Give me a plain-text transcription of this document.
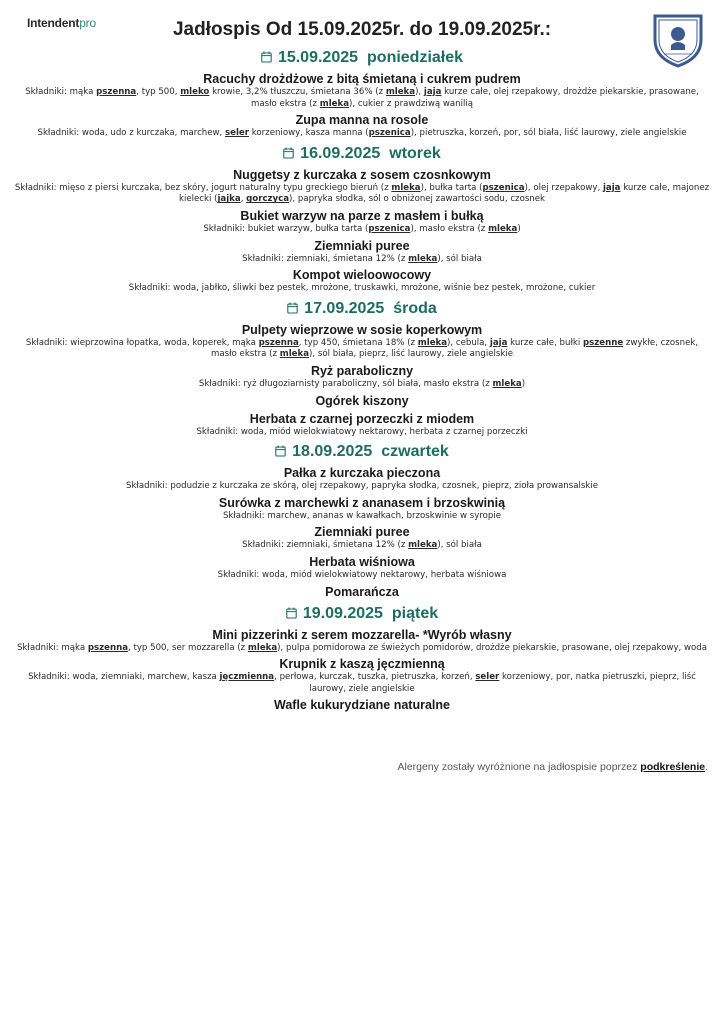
Intendentpro	Jadłospis Od 15.09.2025r. do 19.09.2025r.:
15.09.2025 poniedziałek
Racuchy drożdżowe z bitą śmietaną i cukrem pudrem
Składniki: mąka pszenna, typ 500, mleko krowie, 3,2% tłuszczu, śmietana 36% (z mleka), jaja kurze całe, olej rzepakowy, drożdże piekarskie, prasowane, masło ekstra (z mleka), cukier z prawdziwą wanilią
Zupa manna na rosole
Składniki: woda, udo z kurczaka, marchew, seler korzeniowy, kasza manna (pszenica), pietruszka, korzeń, por, sól biała, liść laurowy, ziele angielskie
16.09.2025 wtorek
Nuggetsy z kurczaka z sosem czosnkowym
Składniki: mięso z piersi kurczaka, bez skóry, jogurt naturalny typu greckiego bieruń (z mleka), bułka tarta (pszenica), olej rzepakowy, jaja kurze całe, majonez kielecki (jajka, gorczyca), papryka słodka, sól o obniżonej zawartości sodu, czosnek
Bukiet warzyw na parze z masłem i bułką
Składniki: bukiet warzyw, bułka tarta (pszenica), masło ekstra (z mleka)
Ziemniaki puree
Składniki: ziemniaki, śmietana 12% (z mleka), sól biała
Kompot wieloowocowy
Składniki: woda, jabłko, śliwki bez pestek, mrożone, truskawki, mrożone, wiśnie bez pestek, mrożone, cukier
17.09.2025 środa
Pulpety wieprzowe w sosie koperkowym
Składniki: wieprzowina łopatka, woda, koperek, mąka pszenna, typ 450, śmietana 18% (z mleka), cebula, jaja kurze całe, bułki pszenne zwykłe, czosnek, masło ekstra (z mleka), sól biała, pieprz, liść laurowy, ziele angielskie
Ryż paraboliczny
Składniki: ryż długoziarnisty paraboliczny, sól biała, masło ekstra (z mleka)
Ogórek kiszony
Herbata z czarnej porzeczki z miodem
Składniki: woda, miód wielokwiatowy nektarowy, herbata z czarnej porzeczki
18.09.2025 czwartek
Pałka z kurczaka pieczona
Składniki: podudzie z kurczaka ze skórą, olej rzepakowy, papryka słodka, czosnek, pieprz, zioła prowansalskie
Surówka z marchewki z ananasem i brzoskwinią
Składniki: marchew, ananas w kawałkach, brzoskwinie w syropie
Ziemniaki puree
Składniki: ziemniaki, śmietana 12% (z mleka), sól biała
Herbata wiśniowa
Składniki: woda, miód wielokwiatowy nektarowy, herbata wiśniowa
Pomarańcza
19.09.2025 piątek
Mini pizzerinki z serem mozzarella- *Wyrób własny
Składniki: mąka pszenna, typ 500, ser mozzarella (z mleka), pulpa pomidorowa ze świeżych pomidorów, drożdże piekarskie, prasowane, olej rzepakowy, woda
Krupnik z kaszą jęczmienną
Składniki: woda, ziemniaki, marchew, kasza jęczmienna, perłowa, kurczak, tuszka, pietruszka, korzeń, seler korzeniowy, por, natka pietruszki, pieprz, liść laurowy, ziele angielskie
Wafle kukurydziane naturalne
Alergeny zostały wyróżnione na jadłospisie poprzez podkreślenie.
